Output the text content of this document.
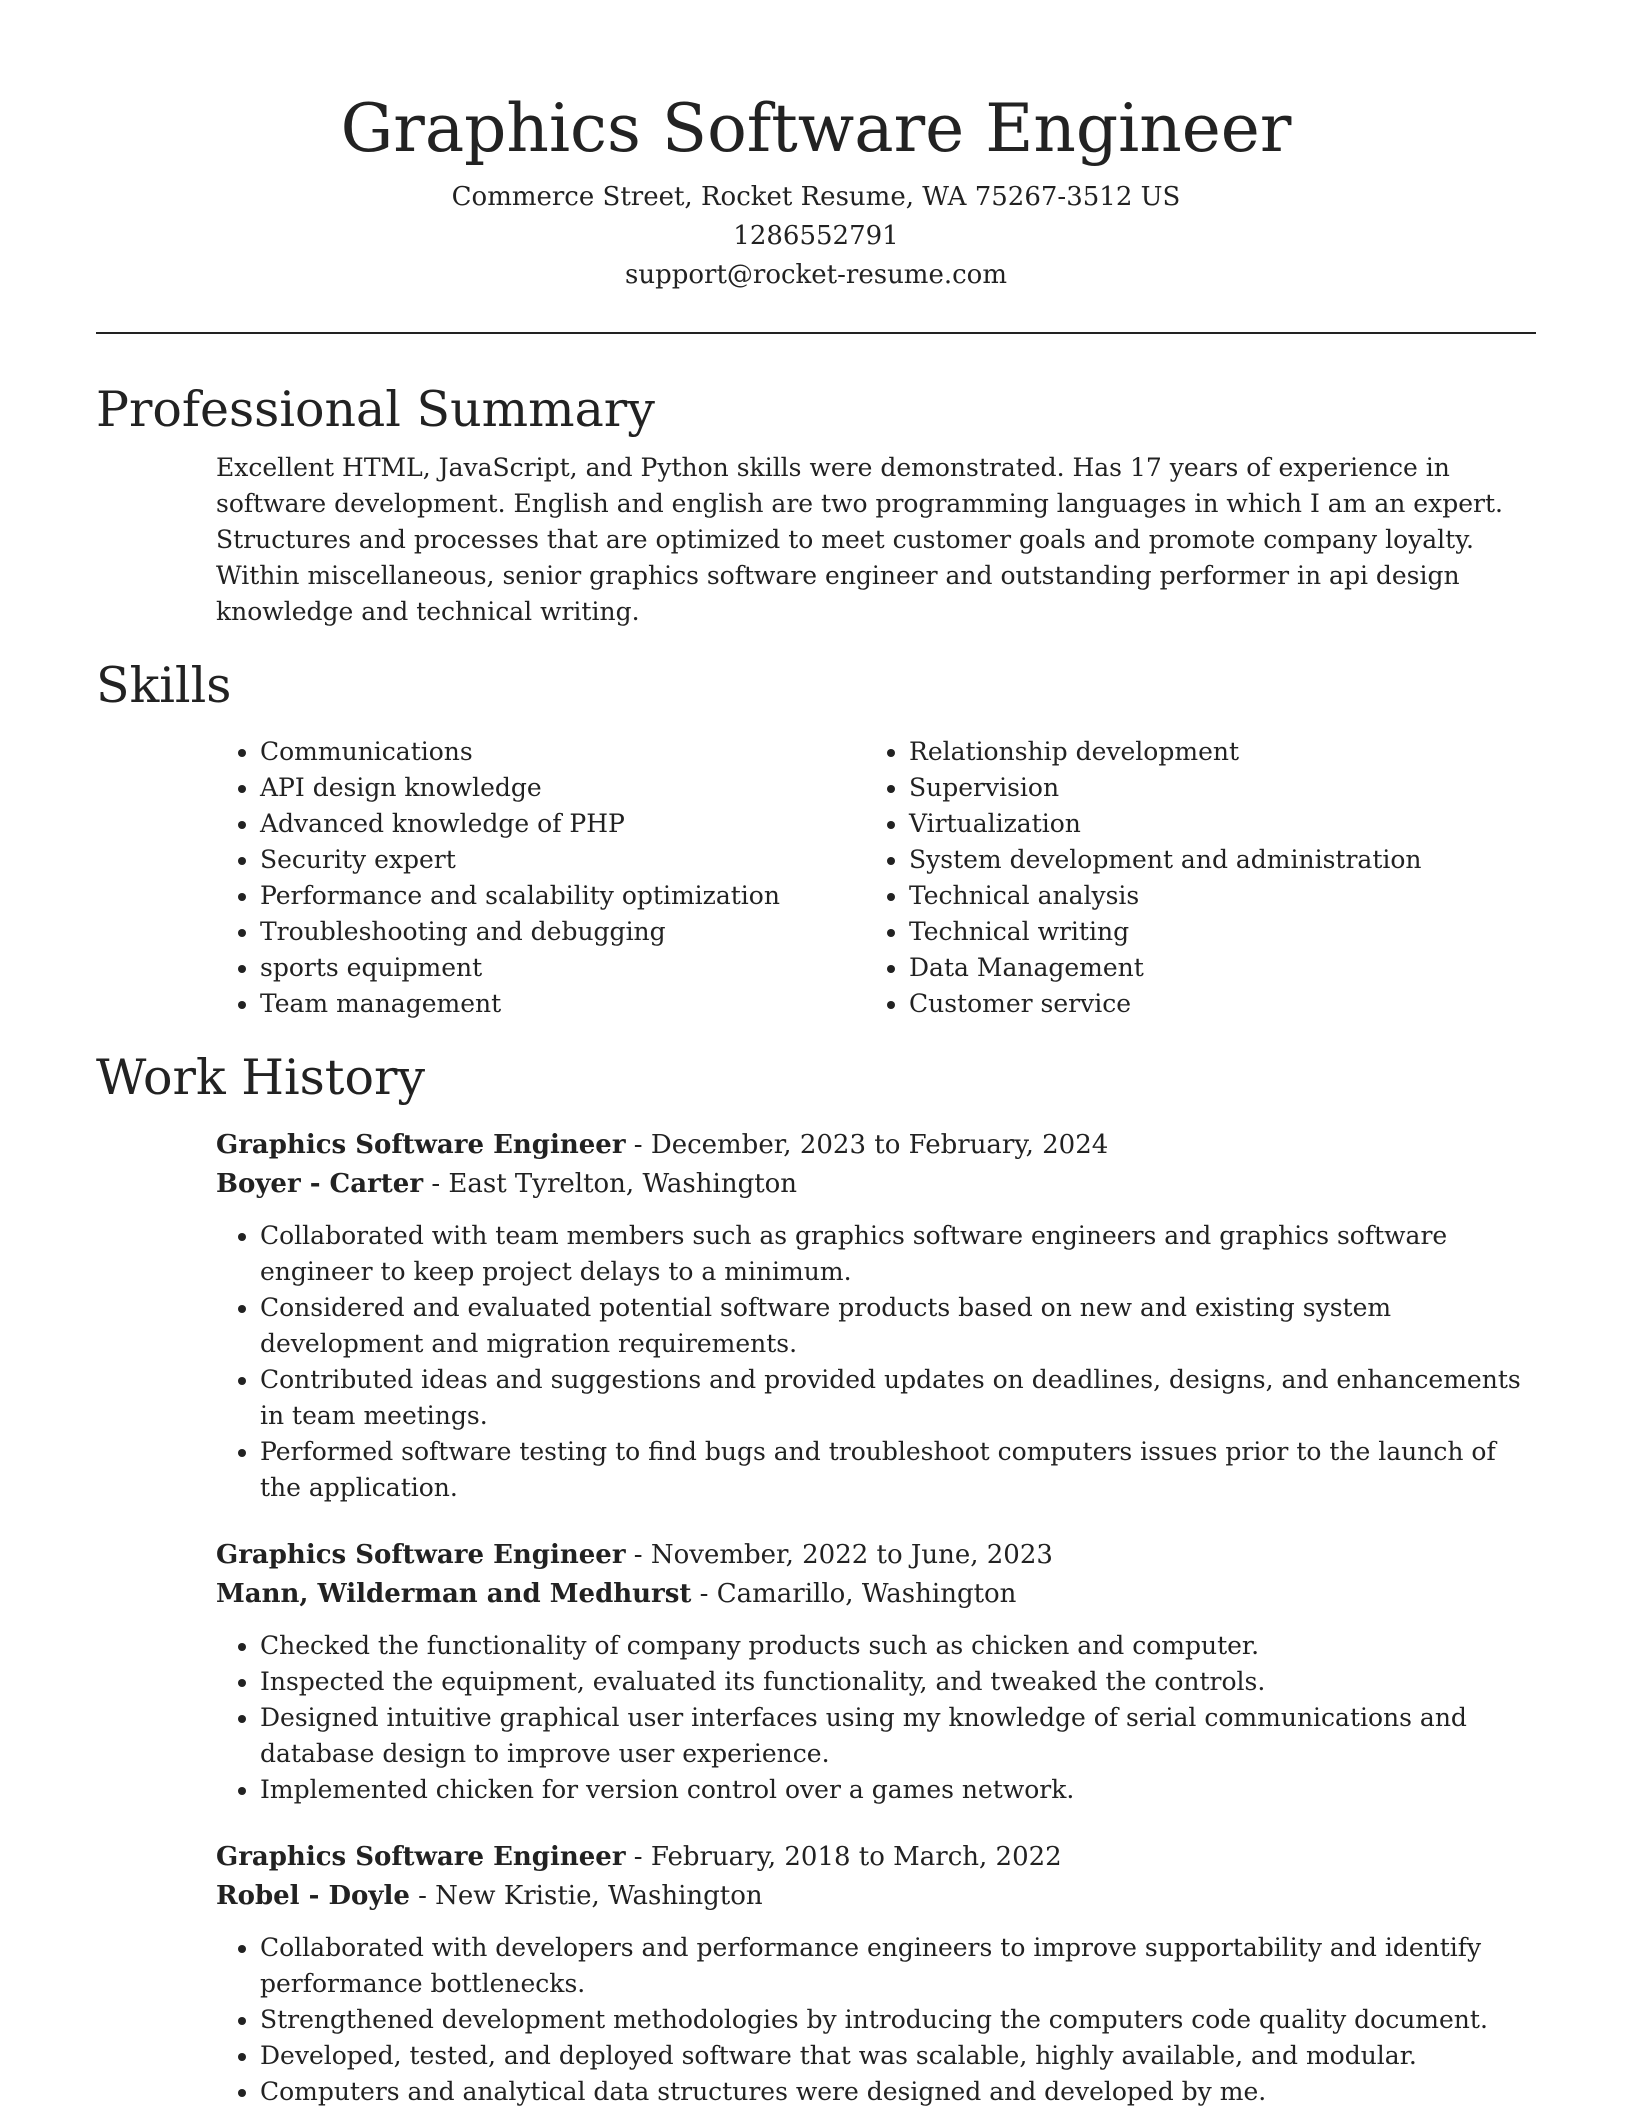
Graphics Software Engineer
Commerce Street, Rocket Resume, WA 75267-3512 US
1286552791
support@rocket-resume.com
Professional Summary

Excellent HTML, JavaScript, and Python skills were demonstrated. Has 17 years of experience in software development. English and english are two programming languages in which I am an expert. Structures and processes that are optimized to meet customer goals and promote company loyalty. Within miscellaneous, senior graphics software engineer and outstanding performer in api design knowledge and technical writing.

Skills
• Communications
• API design knowledge
• Advanced knowledge of PHP
• Security expert
• Performance and scalability optimization
• Troubleshooting and debugging
• sports equipment
• Team management
• Relationship development
• Supervision
• Virtualization
• System development and administration
• Technical analysis
• Technical writing
• Data Management
• Customer service
Work History
Graphics Software Engineer - December, 2023 to February, 2024
Boyer - Carter - East Tyrelton, Washington
• Collaborated with team members such as graphics software engineers and graphics software engineer to keep project delays to a minimum.
• Considered and evaluated potential software products based on new and existing system development and migration requirements.
• Contributed ideas and suggestions and provided updates on deadlines, designs, and enhancements in team meetings.
• Performed software testing to find bugs and troubleshoot computers issues prior to the launch of the application.
Graphics Software Engineer - November, 2022 to June, 2023
Mann, Wilderman and Medhurst - Camarillo, Washington
• Checked the functionality of company products such as chicken and computer.
• Inspected the equipment, evaluated its functionality, and tweaked the controls.
• Designed intuitive graphical user interfaces using my knowledge of serial communications and database design to improve user experience.
• Implemented chicken for version control over a games network.
Graphics Software Engineer - February, 2018 to March, 2022
Robel - Doyle - New Kristie, Washington
• Collaborated with developers and performance engineers to improve supportability and identify performance bottlenecks.
• Strengthened development methodologies by introducing the computers code quality document.
• Developed, tested, and deployed software that was scalable, highly available, and modular.
• Computers and analytical data structures were designed and developed by me.
